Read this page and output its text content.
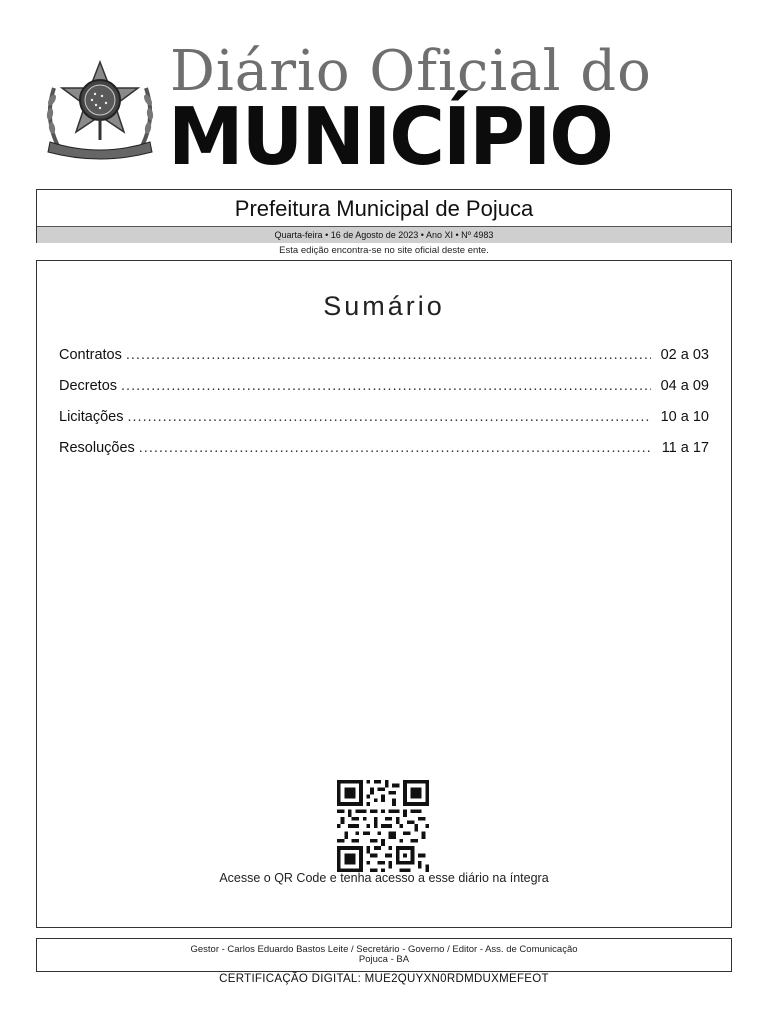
Diário Oficial do
MUNICÍPIO
Prefeitura Municipal de Pojuca
Quarta-feira • 16 de Agosto de 2023 • Ano XI • Nº 4983
Esta edição encontra-se no site oficial deste ente.
Sumário
Contratos .....	02 a 03
Decretos .....	04 a 09
Licitações .....	10 a 10
Resoluções .....	11 a 17
Acesse o QR Code e tenha acesso a esse diário na íntegra
Gestor - Carlos Eduardo Bastos Leite / Secretário - Governo / Editor - Ass. de Comunicação
Pojuca - BA
CERTIFICAÇÃO DIGITAL: MUE2QUYXN0RDMDUXMEFEOT
